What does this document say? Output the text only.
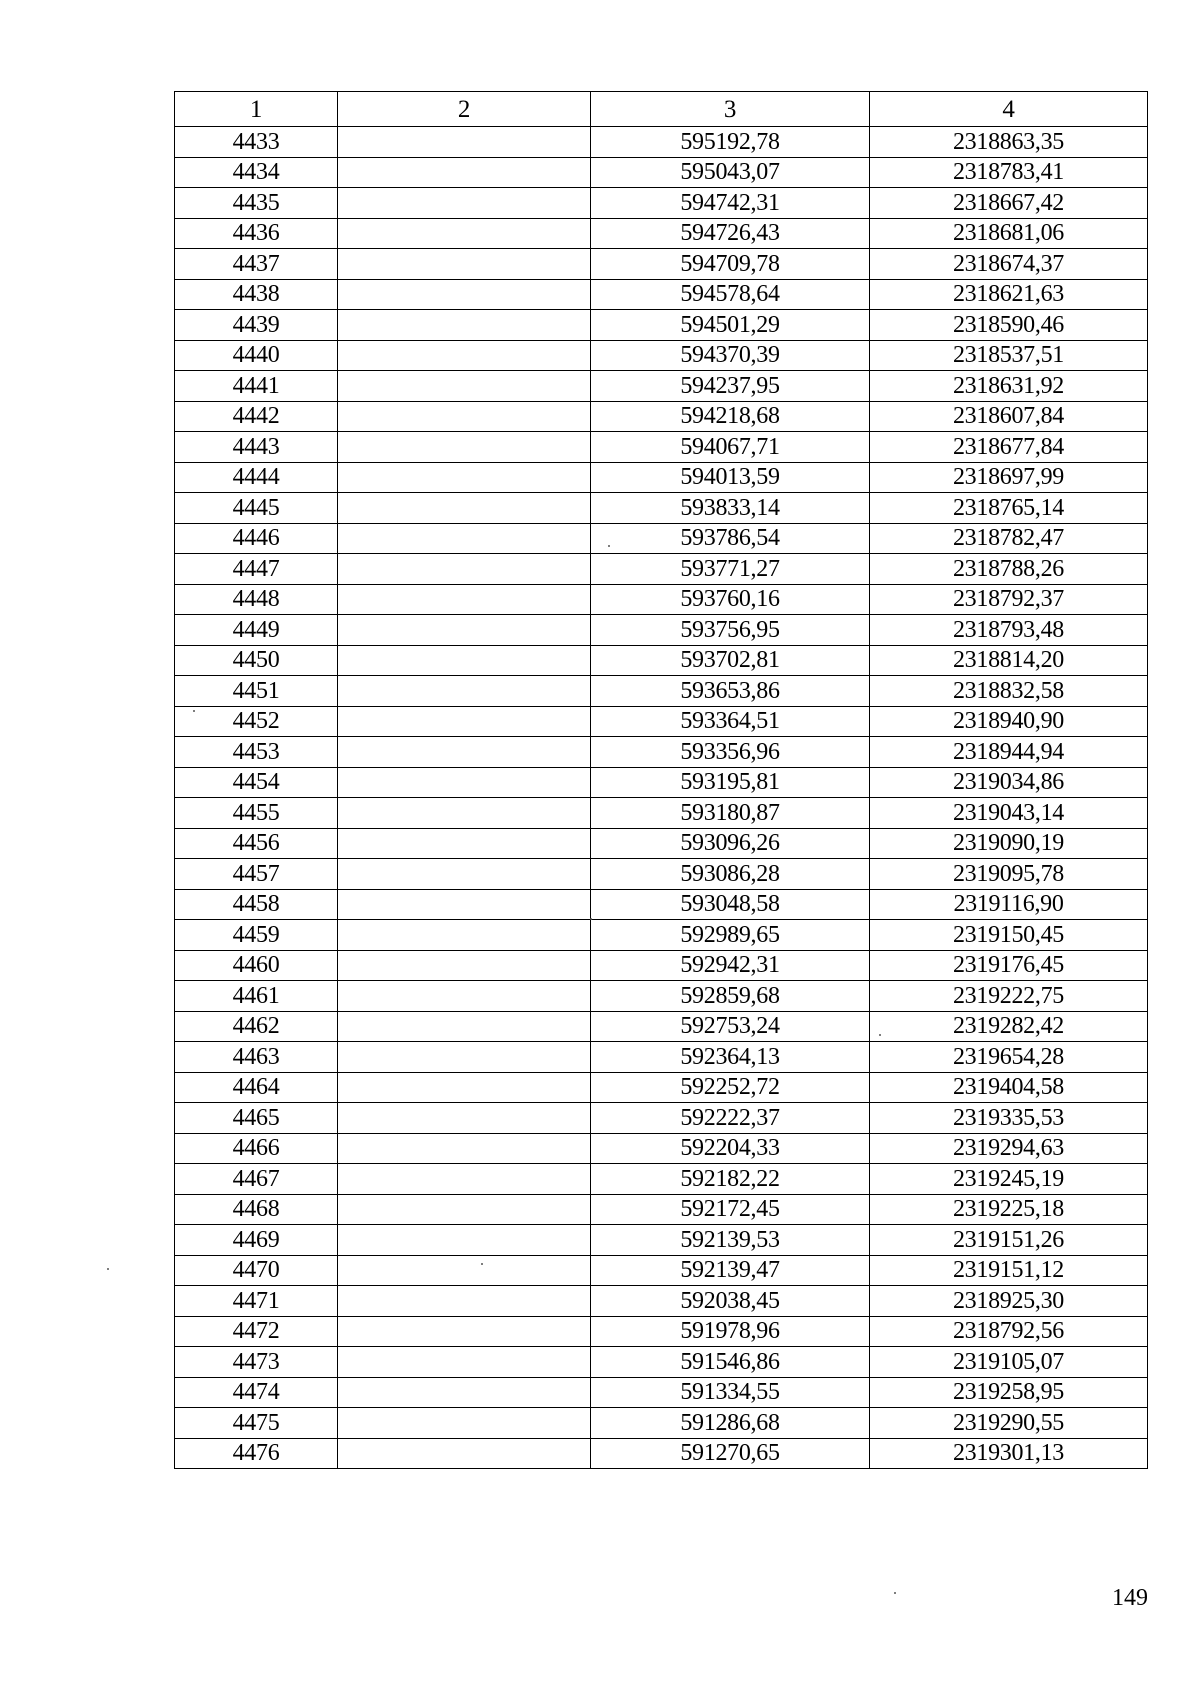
1	2	3	4
4433		595192,78	2318863,35
4434		595043,07	2318783,41
4435		594742,31	2318667,42
4436		594726,43	2318681,06
4437		594709,78	2318674,37
4438		594578,64	2318621,63
4439		594501,29	2318590,46
4440		594370,39	2318537,51
4441		594237,95	2318631,92
4442		594218,68	2318607,84
4443		594067,71	2318677,84
4444		594013,59	2318697,99
4445		593833,14	2318765,14
4446		593786,54	2318782,47
4447		593771,27	2318788,26
4448		593760,16	2318792,37
4449		593756,95	2318793,48
4450		593702,81	2318814,20
4451		593653,86	2318832,58
4452		593364,51	2318940,90
4453		593356,96	2318944,94
4454		593195,81	2319034,86
4455		593180,87	2319043,14
4456		593096,26	2319090,19
4457		593086,28	2319095,78
4458		593048,58	2319116,90
4459		592989,65	2319150,45
4460		592942,31	2319176,45
4461		592859,68	2319222,75
4462		592753,24	2319282,42
4463		592364,13	2319654,28
4464		592252,72	2319404,58
4465		592222,37	2319335,53
4466		592204,33	2319294,63
4467		592182,22	2319245,19
4468		592172,45	2319225,18
4469		592139,53	2319151,26
4470		592139,47	2319151,12
4471		592038,45	2318925,30
4472		591978,96	2318792,56
4473		591546,86	2319105,07
4474		591334,55	2319258,95
4475		591286,68	2319290,55
4476		591270,65	2319301,13
149
